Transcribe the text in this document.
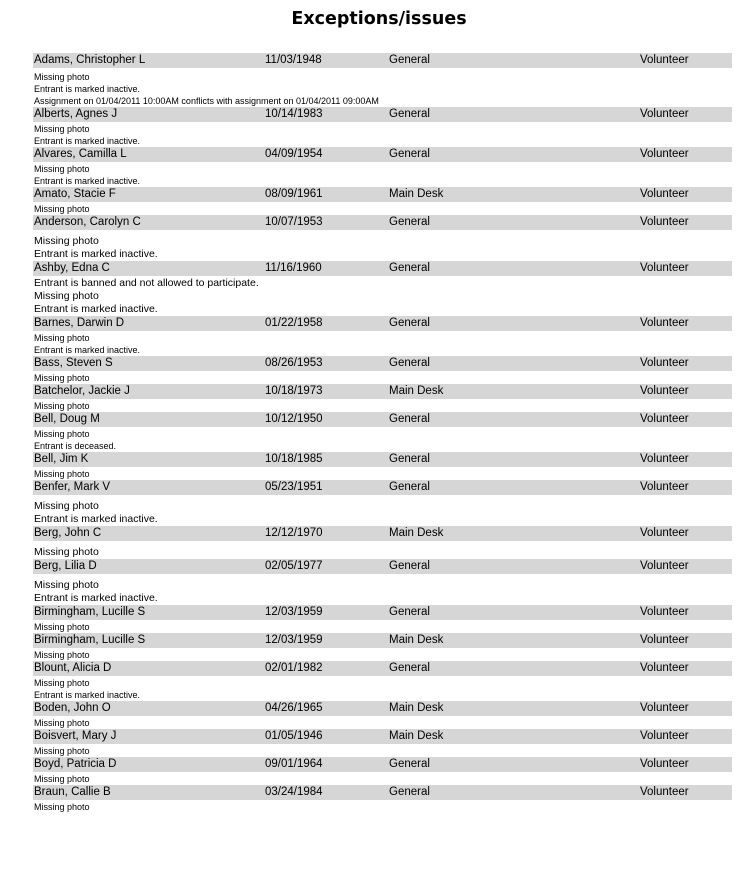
Exceptions/issues
Adams, Christopher L	11/03/1948	General	Volunteer
Missing photo
Entrant is marked inactive.
Assignment on 01/04/2011 10:00AM conflicts with assignment on 01/04/2011 09:00AM
Alberts, Agnes J	10/14/1983	General	Volunteer
Missing photo
Entrant is marked inactive.
Alvares, Camilla L	04/09/1954	General	Volunteer
Missing photo
Entrant is marked inactive.
Amato, Stacie F	08/09/1961	Main Desk	Volunteer
Missing photo
Anderson, Carolyn C	10/07/1953	General	Volunteer
Missing photo
Entrant is marked inactive.
Ashby, Edna C	11/16/1960	General	Volunteer
Entrant is banned and not allowed to participate.
Missing photo
Entrant is marked inactive.
Barnes, Darwin D	01/22/1958	General	Volunteer
Missing photo
Entrant is marked inactive.
Bass, Steven S	08/26/1953	General	Volunteer
Missing photo
Batchelor, Jackie J	10/18/1973	Main Desk	Volunteer
Missing photo
Bell, Doug M	10/12/1950	General	Volunteer
Missing photo
Entrant is deceased.
Bell, Jim K	10/18/1985	General	Volunteer
Missing photo
Benfer, Mark V	05/23/1951	General	Volunteer
Missing photo
Entrant is marked inactive.
Berg, John C	12/12/1970	Main Desk	Volunteer
Missing photo
Berg, Lilia D	02/05/1977	General	Volunteer
Missing photo
Entrant is marked inactive.
Birmingham, Lucille S	12/03/1959	General	Volunteer
Missing photo
Birmingham, Lucille S	12/03/1959	Main Desk	Volunteer
Missing photo
Blount, Alicia D	02/01/1982	General	Volunteer
Missing photo
Entrant is marked inactive.
Boden, John O	04/26/1965	Main Desk	Volunteer
Missing photo
Boisvert, Mary J	01/05/1946	Main Desk	Volunteer
Missing photo
Boyd, Patricia D	09/01/1964	General	Volunteer
Missing photo
Braun, Callie B	03/24/1984	General	Volunteer
Missing photo
